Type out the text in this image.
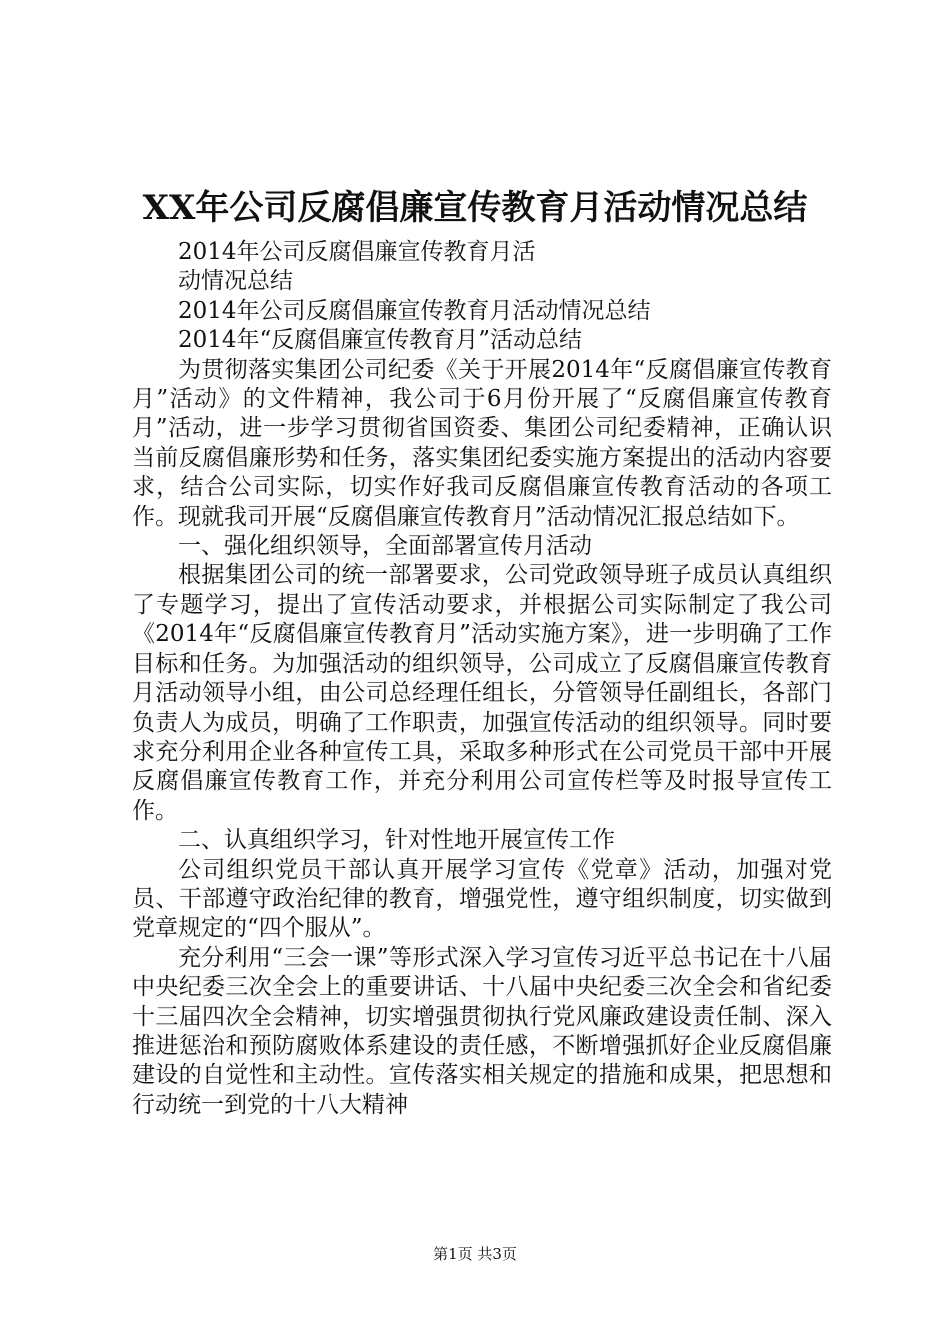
XX年公司反腐倡廉宣传教育月活动情况总结

2014年公司反腐倡廉宣传教育月活

动情况总结

2014年公司反腐倡廉宣传教育月活动情况总结

2014年“反腐倡廉宣传教育月”活动总结

为贯彻落实集团公司纪委《关于开展2014年“反腐倡廉宣传教育月”活动》的文件精神，我公司于6月份开展了“反腐倡廉宣传教育月”活动，进一步学习贯彻省国资委、集团公司纪委精神，正确认识当前反腐倡廉形势和任务，落实集团纪委实施方案提出的活动内容要求，结合公司实际，切实作好我司反腐倡廉宣传教育活动的各项工作。现就我司开展“反腐倡廉宣传教育月”活动情况汇报总结如下。

一、强化组织领导，全面部署宣传月活动

根据集团公司的统一部署要求，公司党政领导班子成员认真组织了专题学习，提出了宣传活动要求，并根据公司实际制定了我公司《2014年“反腐倡廉宣传教育月”活动实施方案》，进一步明确了工作目标和任务。为加强活动的组织领导，公司成立了反腐倡廉宣传教育月活动领导小组，由公司总经理任组长，分管领导任副组长，各部门负责人为成员，明确了工作职责，加强宣传活动的组织领导。同时要求充分利用企业各种宣传工具，采取多种形式在公司党员干部中开展反腐倡廉宣传教育工作，并充分利用公司宣传栏等及时报导宣传工作。

二、认真组织学习，针对性地开展宣传工作

公司组织党员干部认真开展学习宣传《党章》活动，加强对党员、干部遵守政治纪律的教育，增强党性，遵守组织制度，切实做到党章规定的“四个服从”。

充分利用“三会一课”等形式深入学习宣传习近平总书记在十八届中央纪委三次全会上的重要讲话、十八届中央纪委三次全会和省纪委十三届四次全会精神，切实增强贯彻执行党风廉政建设责任制、深入推进惩治和预防腐败体系建设的责任感，不断增强抓好企业反腐倡廉建设的自觉性和主动性。宣传落实相关规定的措施和成果，把思想和行动统一到党的十八大精神

第1页 共3页
